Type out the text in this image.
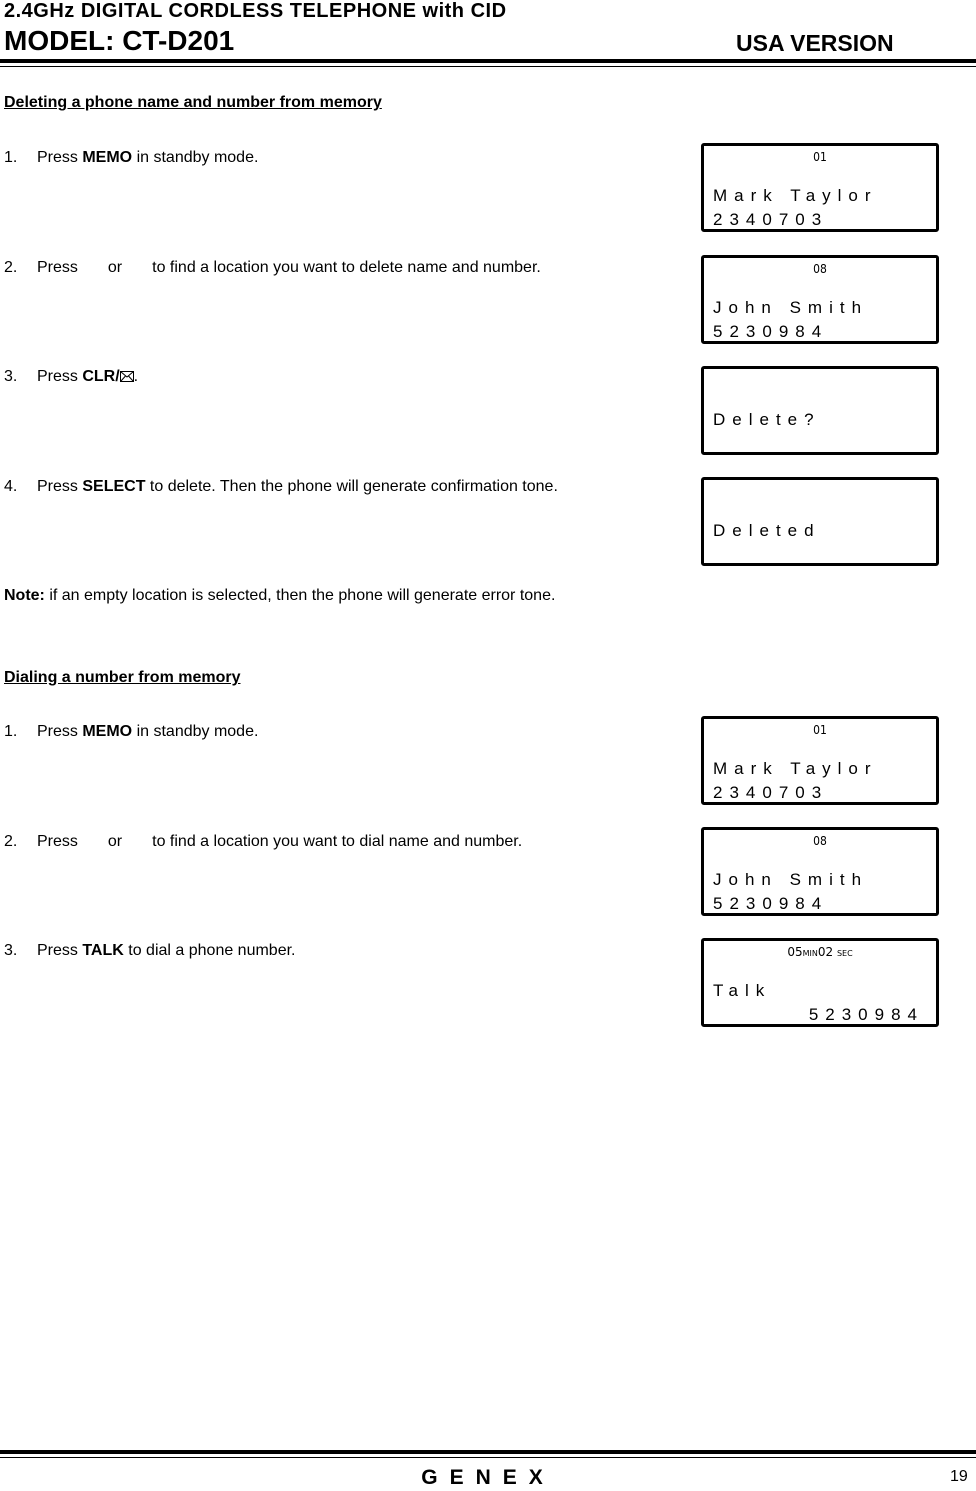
2.4GHz DIGITAL CORDLESS TELEPHONE with CID
MODEL: CT-D201	USA VERSION
Deleting a phone name and number from memory
1. Press MEMO in standby mode.
2. Press or to find a location you want to delete name and number.
3. Press CLR/ .
4. Press SELECT to delete. Then the phone will generate confirmation tone.
Note: if an empty location is selected, then the phone will generate error tone.
01
Mark Taylor
2340703
08
John Smith
5230984
Delete?
Deleted
Dialing a number from memory
1. Press MEMO in standby mode.
2. Press or to find a location you want to dial name and number.
3. Press TALK to dial a phone number.
01
Mark Taylor
2340703
08
John Smith
5230984
05MIN02 SEC
Talk
5230984
GENEX	19
